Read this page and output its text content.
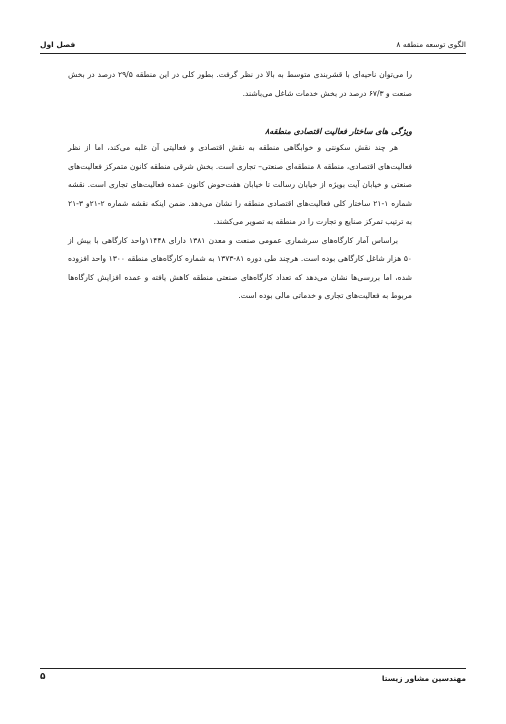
الگوی توسعه منطقه ۸
فصل اول

را می‌توان ناحیه‌ای با قشربندی متوسط به بالا در نظر گرفت. بطور کلی در این منطقه ۲۹/۵ درصد در بخش صنعت و ۶۷/۳ درصد در بخش خدمات شاغل می‌باشند.

ویژگی های ساختار فعالیت اقتصادی منطقه۸

هر چند نقش سکونتی و خوابگاهی منطقه به نقش اقتصادی و فعالیتی آن غلبه می‌کند، اما از نظر فعالیت‌های اقتصادی، منطقه ۸ منطقه‌ای صنعتی– تجاری است. بخش شرقی منطقه کانون متمرکز فعالیت‌های صنعتی و خیابان آیت بویژه از خیابان رسالت تا خیابان هفت‌حوض کانون عمده فعالیت‌های تجاری است. نقشه شماره ۱-۲۱ ساختار کلی فعالیت‌های اقتصادی منطقه را نشان می‌دهد. ضمن اینکه نقشه شماره ۲-۲۱و ۳-۲۱ به ترتیب تمرکز صنایع و تجارت را در منطقه به تصویر می‌کشند.

براساس آمار کارگاه‌های سرشماری عمومی صنعت و معدن ۱۳۸۱ دارای ۱۱۴۴۸واحد کارگاهی با بیش از ۵۰ هزار شاغل کارگاهی بوده است. هرچند طی دوره ۸۱-۱۳۷۳ به شماره کارگاه‌های منطقه ۱۳۰۰ واحد افزوده شده، اما بررسی‌ها نشان می‌دهد که تعداد کارگاه‌های صنعتی منطقه کاهش یافته و عمده افزایش کارگاه‌ها مربوط به فعالیت‌های تجاری و خدماتی مالی بوده است.

مهندسین مشاور زیستا
۵
